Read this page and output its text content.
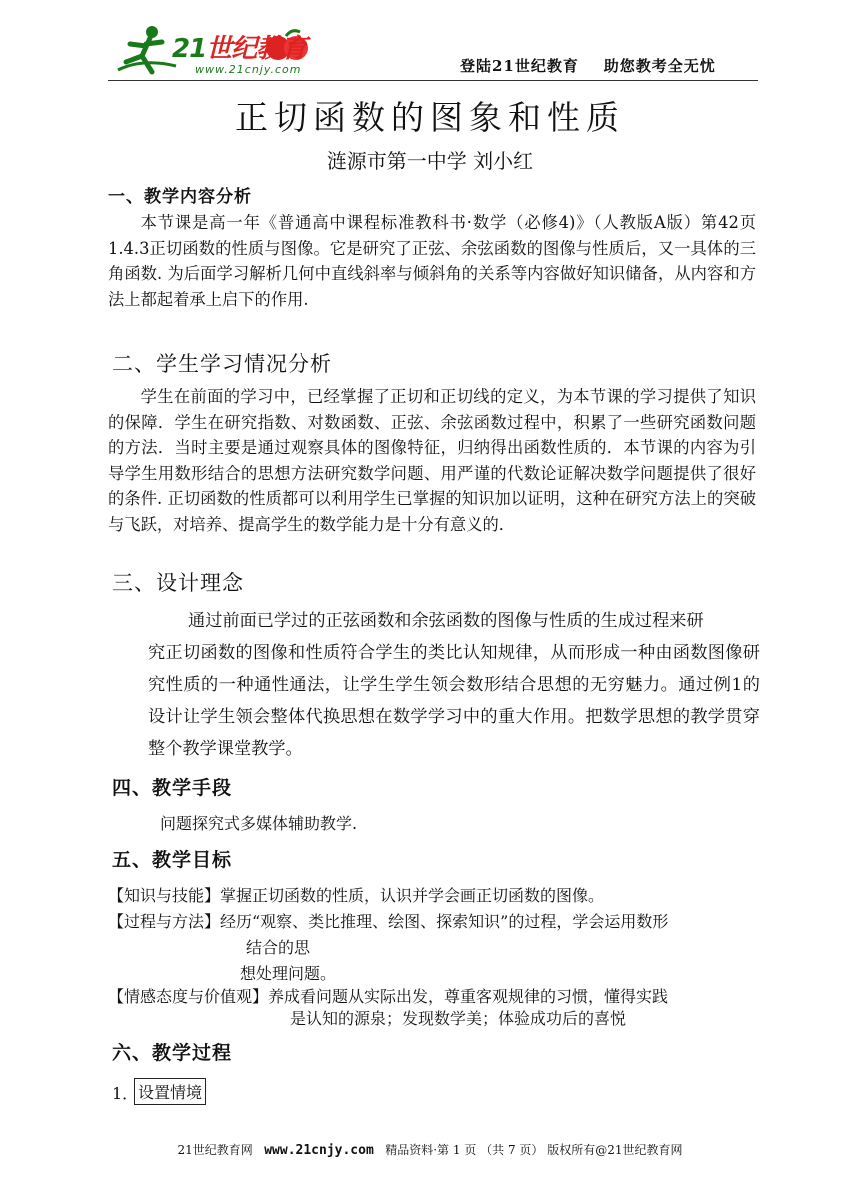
21世纪教育
www.21cnjy.com	登陆21世纪教育    助您教考全无忧
正切函数的图象和性质
涟源市第一中学 刘小红
一、教学内容分析

本节课是高一年《普通高中课程标准教科书·数学（必修4)》（人教版A版）第42页1.4.3正切函数的性质与图像。它是研究了正弦、余弦函数的图像与性质后，又一具体的三角函数. 为后面学习解析几何中直线斜率与倾斜角的关系等内容做好知识储备，从内容和方法上都起着承上启下的作用.

二、学生学习情况分析

学生在前面的学习中，已经掌握了正切和正切线的定义，为本节课的学习提供了知识的保障．学生在研究指数、对数函数、正弦、余弦函数过程中，积累了一些研究函数问题的方法．当时主要是通过观察具体的图像特征，归纳得出函数性质的．本节课的内容为引导学生用数形结合的思想方法研究数学问题、用严谨的代数论证解决数学问题提供了很好的条件. 正切函数的性质都可以利用学生已掌握的知识加以证明，这种在研究方法上的突破与飞跃，对培养、提高学生的数学能力是十分有意义的．

三、设计理念
通过前面已学过的正弦函数和余弦函数的图像与性质的生成过程来研
究正切函数的图像和性质符合学生的类比认知规律，从而形成一种由函数图像研究性质的一种通性通法，让学生学生领会数形结合思想的无穷魅力。通过例1的设计让学生领会整体代换思想在数学学习中的重大作用。把数学思想的教学贯穿整个教学课堂教学。
四、教学手段
问题探究式多媒体辅助教学.
五、教学目标
【知识与技能】掌握正切函数的性质，认识并学会画正切函数的图像。
【过程与方法】经历“观察、类比推理、绘图、探索知识”的过程，学会运用数形
结合的思
想处理问题。
【情感态度与价值观】养成看问题从实际出发，尊重客观规律的习惯，懂得实践
是认知的源泉；发现数学美；体验成功后的喜悦
六、教学过程
1． 设置情境
21世纪教育网   www.21cnjy.com   精品资料·第 1 页 （共 7 页） 版权所有@21世纪教育网
